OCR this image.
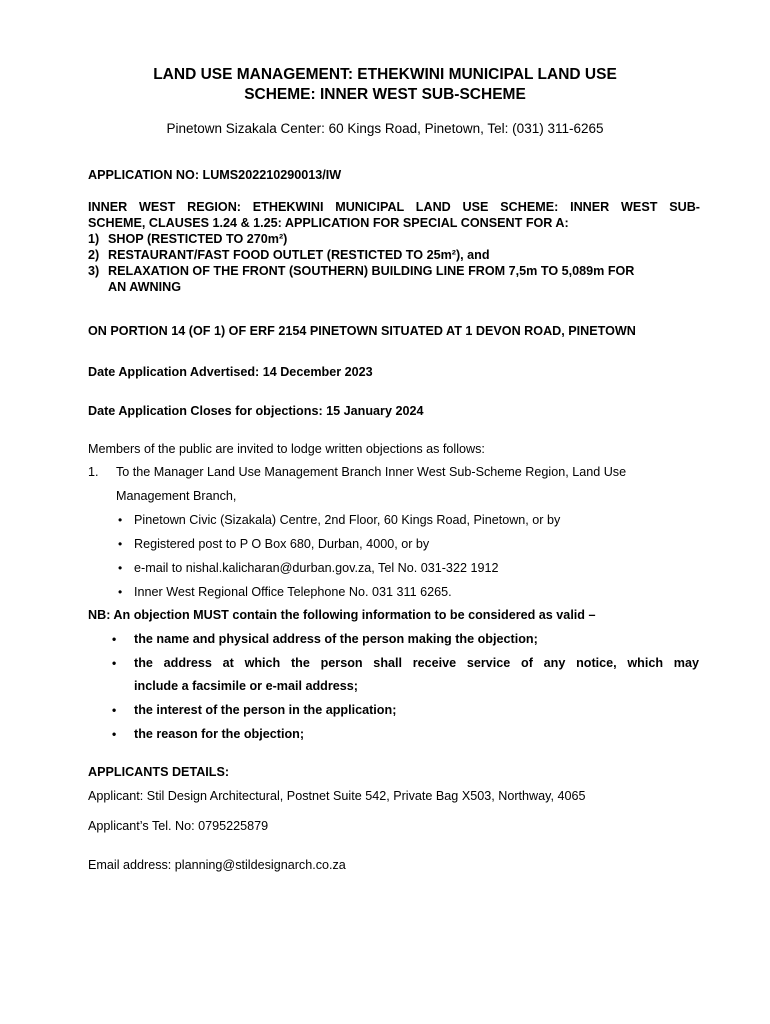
LAND USE MANAGEMENT: ETHEKWINI MUNICIPAL LAND USE
SCHEME: INNER WEST SUB-SCHEME
Pinetown Sizakala Center: 60 Kings Road, Pinetown, Tel: (031) 311-6265
APPLICATION NO: LUMS202210290013/IW
INNER WEST REGION: ETHEKWINI MUNICIPAL LAND USE SCHEME: INNER WEST SUB-
SCHEME, CLAUSES 1.24 & 1.25: APPLICATION FOR SPECIAL CONSENT FOR A:
1) SHOP (RESTICTED TO 270m²)
2) RESTAURANT/FAST FOOD OUTLET (RESTICTED TO 25m²), and
3) RELAXATION OF THE FRONT (SOUTHERN) BUILDING LINE FROM 7,5m TO 5,089m FOR
AN AWNING
ON PORTION 14 (OF 1) OF ERF 2154 PINETOWN SITUATED AT 1 DEVON ROAD, PINETOWN
Date Application Advertised: 14 December 2023
Date Application Closes for objections: 15 January 2024
Members of the public are invited to lodge written objections as follows:
1. To the Manager Land Use Management Branch Inner West Sub-Scheme Region, Land Use
Management Branch,
• Pinetown Civic (Sizakala) Centre, 2nd Floor, 60 Kings Road, Pinetown, or by
• Registered post to P O Box 680, Durban, 4000, or by
• e-mail to nishal.kalicharan@durban.gov.za, Tel No. 031-322 1912
• Inner West Regional Office Telephone No. 031 311 6265.
NB: An objection MUST contain the following information to be considered as valid –
• the name and physical address of the person making the objection;
• the address at which the person shall receive service of any notice, which may
include a facsimile or e-mail address;
• the interest of the person in the application;
• the reason for the objection;
APPLICANTS DETAILS:
Applicant: Stil Design Architectural, Postnet Suite 542, Private Bag X503, Northway, 4065
Applicant’s Tel. No: 0795225879
Email address: planning@stildesignarch.co.za
